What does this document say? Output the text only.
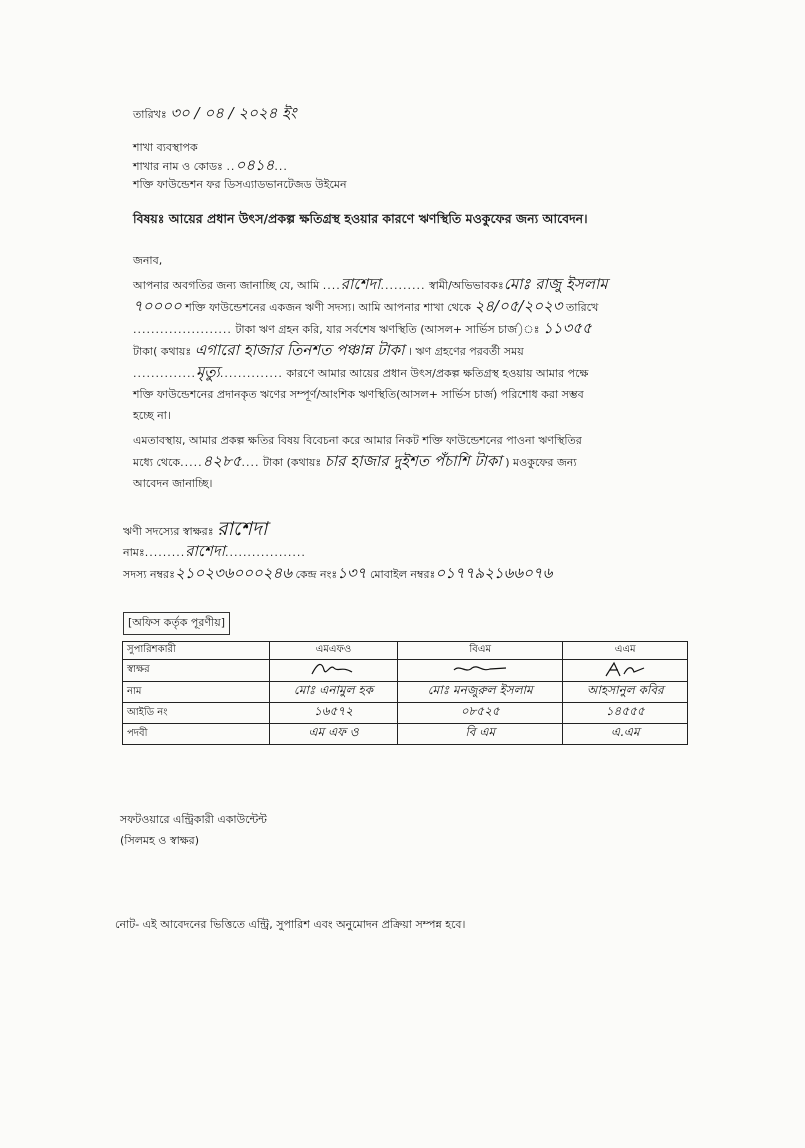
তারিখঃ ৩০ / ০৪ / ২০২৪ ইং
শাখা ব্যবস্থাপক
শাখার নাম ও কোডঃ ..০৪১৪...
শক্তি ফাউন্ডেশন ফর ডিসএ্যাডভানটেজড উইমেন
বিষয়ঃ আয়ের প্রধান উৎস/প্রকল্প ক্ষতিগ্রস্থ হওয়ার কারণে ঋণস্থিতি মওকুফের জন্য আবেদন।
জনাব,
আপনার অবগতির জন্য জানাচ্ছি যে, আমি ....রাশেদা.......... স্বামী/অভিভাবকঃমোঃ রাজু ইসলাম
৭০০০০ শক্তি ফাউন্ডেশনের একজন ঋণী সদস্য। আমি আপনার শাখা থেকে ২৪/০৫/২০২৩ তারিখে
...................... টাকা ঋণ গ্রহন করি, যার সর্বশেষ ঋণস্থিতি (আসল+ সার্ভিস চার্জ)ঃ ১১৩৫৫
টাকা( কথায়ঃ এগারো হাজার তিনশত পঞ্চান্ন টাকা । ঋণ গ্রহণের পরবর্তী সময়
..............মৃত্যু.............. কারণে আমার আয়ের প্রধান উৎস/প্রকল্প ক্ষতিগ্রস্থ হওয়ায় আমার পক্ষে
শক্তি ফাউন্ডেশনের প্রদানকৃত ঋণের সম্পূর্ণ/আংশিক ঋণস্থিতি(আসল+ সার্ভিস চার্জ) পরিশোধ করা সম্ভব
হচ্ছে না।
এমতাবস্থায়, আমার প্রকল্প ক্ষতির বিষয় বিবেচনা করে আমার নিকট শক্তি ফাউন্ডেশনের পাওনা ঋণস্থিতির
মধ্যে থেকে.....৪২৮৫.... টাকা (কথায়ঃ চার হাজার দুইশত পঁচাশি টাকা ) মওকুফের জন্য
আবেদন জানাচ্ছি।
ঋণী সদস্যের স্বাক্ষরঃ রাশেদা
নামঃ.........রাশেদা..................
সদস্য নম্বরঃ২১০২৩৬০০০২৪৬ কেন্দ্র নংঃ১৩৭ মোবাইল নম্বরঃ০১৭৭৯২১৬৬০৭৬
[অফিস কর্তৃক পূরণীয়]
সুপারিশকারী	এমএফও	বিএম	এএম
স্বাক্ষর			
নাম	মোঃ এনামুল হক	মোঃ মনজুরুল ইসলাম	আহসানুল কবির
আইডি নং	১৬৫৭২	০৮৫২৫	১৪৫৫৫
পদবী	এম এফ ও	বি এম	এ.এম
সফটওয়ারে এন্ট্রিকারী একাউন্টেন্ট
(সিলমহ ও স্বাক্ষর)
নোট- এই আবেদনের ভিত্তিতে এন্ট্রি, সুপারিশ এবং অনুমোদন প্রক্রিয়া সম্পন্ন হবে।
